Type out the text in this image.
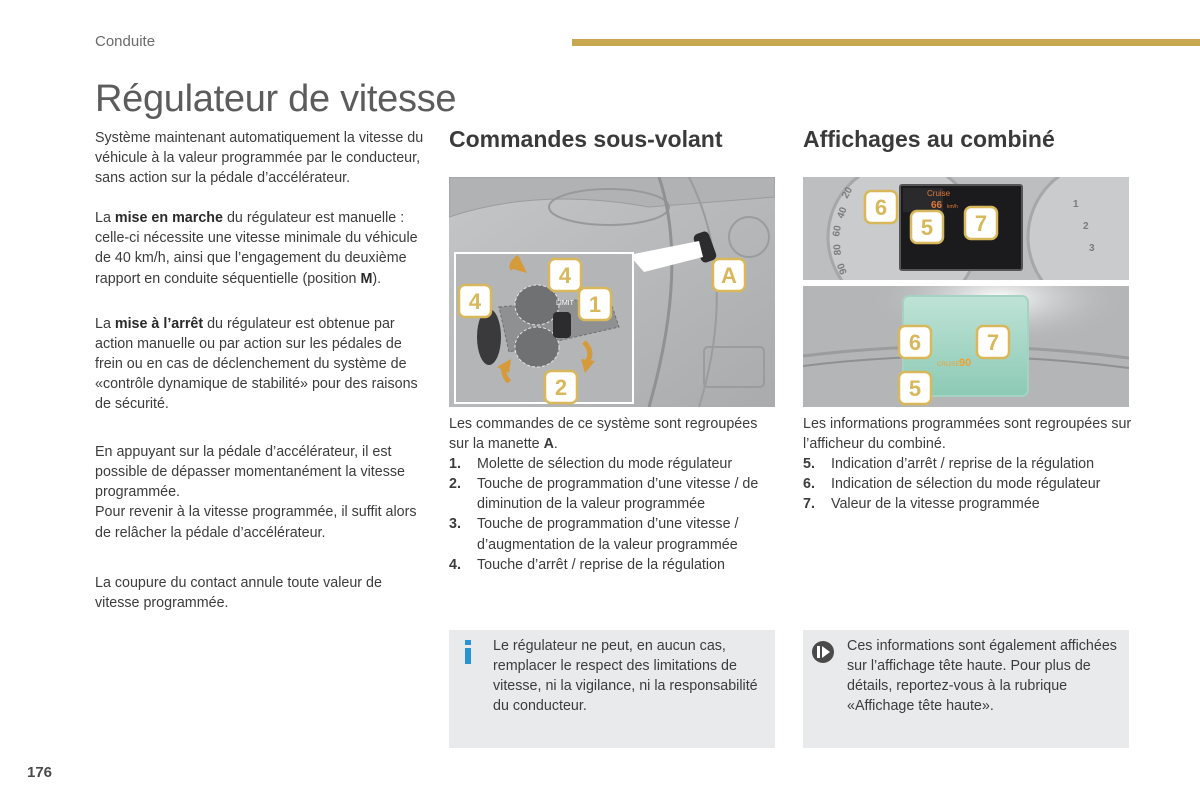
Conduite
Régulateur de vitesse

Système maintenant automatiquement la vitesse du véhicule à la valeur programmée par le conducteur, sans action sur la pédale d’accélérateur.

La mise en marche du régulateur est manuelle : celle-ci nécessite une vitesse minimale du véhicule de 40 km/h, ainsi que l’engagement du deuxième rapport en conduite séquentielle (position M).

La mise à l’arrêt du régulateur est obtenue par action manuelle ou par action sur les pédales de frein ou en cas de déclenchement du système de «contrôle dynamique de stabilité» pour des raisons de sécurité.

En appuyant sur la pédale d’accélérateur, il est possible de dépasser momentanément la vitesse programmée.

Pour revenir à la vitesse programmée, il suffit alors de relâcher la pédale d’accélérateur.

La coupure du contact annule toute valeur de vitesse programmée.

Commandes sous-volant	Affichages au combiné
LIMIT
4
1
4
2
A
20
40
60
80
90
1
2
3
Cruise
66 km/h
6
5 7
CRUISE 90
6	7
5
Les commandes de ce système sont regroupées sur la manette A.
1.	Molette de sélection du mode régulateur
2.	Touche de programmation d’une vitesse / de diminution de la valeur programmée
3.	Touche de programmation d’une vitesse / d’augmentation de la valeur programmée
4.	Touche d’arrêt / reprise de la régulation
Les informations programmées sont regroupées sur l’afficheur du combiné.
5.	Indication d’arrêt / reprise de la régulation
6.	Indication de sélection du mode régulateur
7.	Valeur de la vitesse programmée
Le régulateur ne peut, en aucun cas, remplacer le respect des limitations de vitesse, ni la vigilance, ni la responsabilité du conducteur.
Ces informations sont également affichées sur l’affichage tête haute. Pour plus de détails, reportez-vous à la rubrique «Affichage tête haute».
176
